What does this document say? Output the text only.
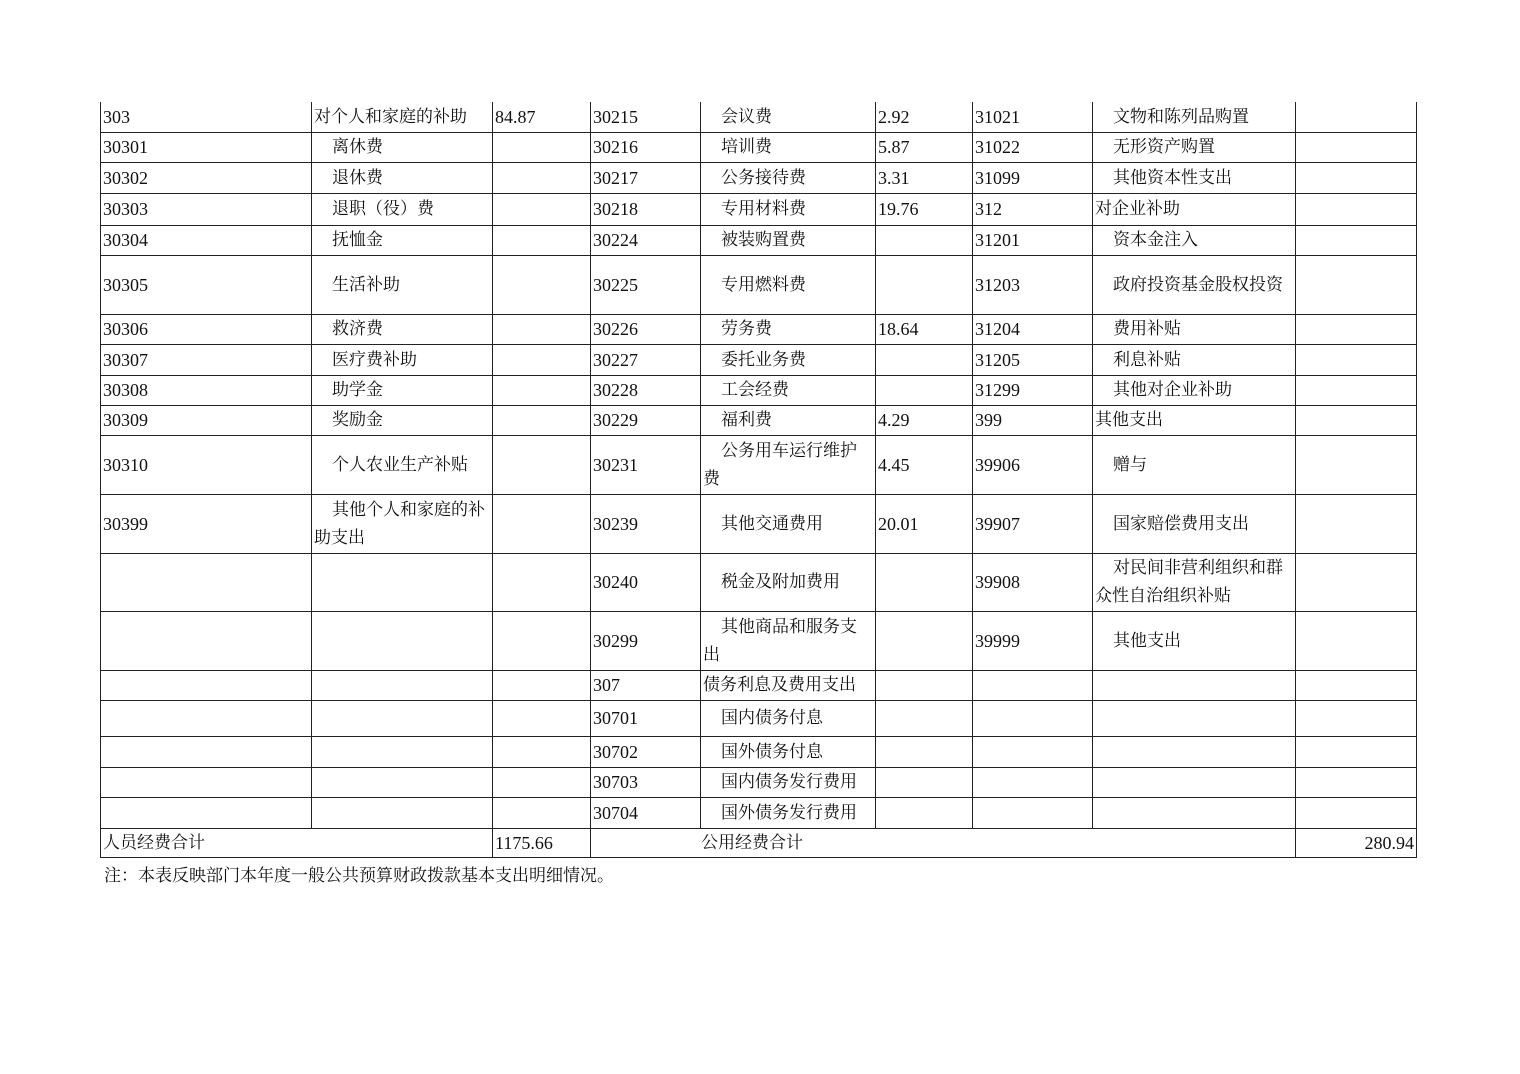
303	对个人和家庭的补助	84.87	30215	会议费	2.92	31021	文物和陈列品购置	
30301	离休费		30216	培训费	5.87	31022	无形资产购置	
30302	退休费		30217	公务接待费	3.31	31099	其他资本性支出	
30303	退职（役）费		30218	专用材料费	19.76	312	对企业补助	
30304	抚恤金		30224	被装购置费		31201	资本金注入	
30305	生活补助		30225	专用燃料费		31203	政府投资基金股权投资	
30306	救济费		30226	劳务费	18.64	31204	费用补贴	
30307	医疗费补助		30227	委托业务费		31205	利息补贴	
30308	助学金		30228	工会经费		31299	其他对企业补助	
30309	奖励金		30229	福利费	4.29	399	其他支出	
30310	个人农业生产补贴		30231	公务用车运行维护费	4.45	39906	赠与	
30399	其他个人和家庭的补助支出		30239	其他交通费用	20.01	39907	国家赔偿费用支出	
			30240	税金及附加费用		39908	对民间非营利组织和群众性自治组织补贴	
			30299	其他商品和服务支出		39999	其他支出	
			307	债务利息及费用支出				
			30701	国内债务付息				
			30702	国外债务付息				
			30703	国内债务发行费用				
			30704	国外债务发行费用				
人员经费合计		1175.66	公用经费合计					280.94
注：本表反映部门本年度一般公共预算财政拨款基本支出明细情况。
